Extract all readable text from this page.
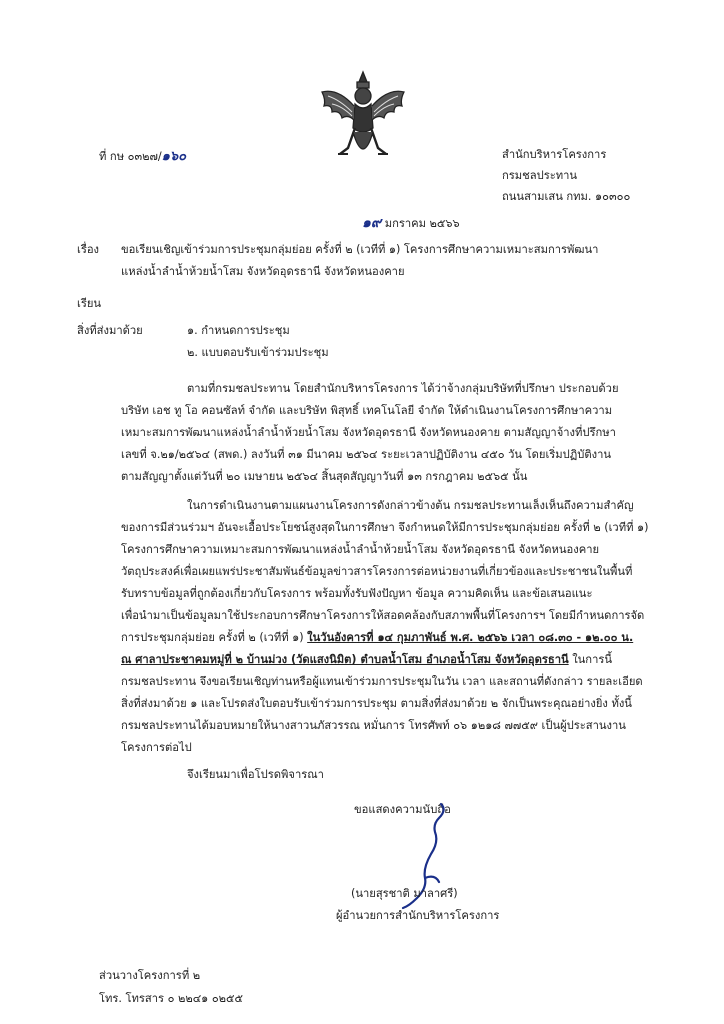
ที่ กษ ๐๓๒๗/๑๖๐	สำนักบริหารโครงการ
กรมชลประทาน
ถนนสามเสน กทม. ๑๐๓๐๐
๑๙ มกราคม ๒๕๖๖
เรื่อง ขอเรียนเชิญเข้าร่วมการประชุมกลุ่มย่อย ครั้งที่ ๒ (เวทีที่ ๑) โครงการศึกษาความเหมาะสมการพัฒนา
แหล่งน้ำลำน้ำห้วยน้ำโสม จังหวัดอุดรธานี จังหวัดหนองคาย
เรียน
สิ่งที่ส่งมาด้วย	๑. กำหนดการประชุม
๒. แบบตอบรับเข้าร่วมประชุม
ตามที่กรมชลประทาน โดยสำนักบริหารโครงการ ได้ว่าจ้างกลุ่มบริษัทที่ปรึกษา ประกอบด้วย
บริษัท เอช ทู โอ คอนซัลท์ จำกัด และบริษัท พิสุทธิ์ เทคโนโลยี จำกัด ให้ดำเนินงานโครงการศึกษาความ
เหมาะสมการพัฒนาแหล่งน้ำลำน้ำห้วยน้ำโสม จังหวัดอุดรธานี จังหวัดหนองคาย ตามสัญญาจ้างที่ปรึกษา
เลขที่ จ.๒๑/๒๕๖๔ (สพด.) ลงวันที่ ๓๑ มีนาคม ๒๕๖๔ ระยะเวลาปฏิบัติงาน ๔๕๐ วัน โดยเริ่มปฏิบัติงาน
ตามสัญญาตั้งแต่วันที่ ๒๐ เมษายน ๒๕๖๔ สิ้นสุดสัญญาวันที่ ๑๓ กรกฎาคม ๒๕๖๕ นั้น
ในการดำเนินงานตามแผนงานโครงการดังกล่าวข้างต้น กรมชลประทานเล็งเห็นถึงความสำคัญ
ของการมีส่วนร่วมฯ อันจะเอื้อประโยชน์สูงสุดในการศึกษา จึงกำหนดให้มีการประชุมกลุ่มย่อย ครั้งที่ ๒ (เวทีที่ ๑)
โครงการศึกษาความเหมาะสมการพัฒนาแหล่งน้ำลำน้ำห้วยน้ำโสม จังหวัดอุดรธานี จังหวัดหนองคาย
วัตถุประสงค์เพื่อเผยแพร่ประชาสัมพันธ์ข้อมูลข่าวสารโครงการต่อหน่วยงานที่เกี่ยวข้องและประชาชนในพื้นที่
รับทราบข้อมูลที่ถูกต้องเกี่ยวกับโครงการ พร้อมทั้งรับฟังปัญหา ข้อมูล ความคิดเห็น และข้อเสนอแนะ
เพื่อนำมาเป็นข้อมูลมาใช้ประกอบการศึกษาโครงการให้สอดคล้องกับสภาพพื้นที่โครงการฯ โดยมีกำหนดการจัด
การประชุมกลุ่มย่อย ครั้งที่ ๒ (เวทีที่ ๑) ในวันอังคารที่ ๑๔ กุมภาพันธ์ พ.ศ. ๒๕๖๖ เวลา ๐๘.๓๐ - ๑๒.๐๐ น.
ณ ศาลาประชาคมหมู่ที่ ๒ บ้านม่วง (วัดแสงนิมิต) ตำบลน้ำโสม อำเภอน้ำโสม จังหวัดอุดรธานี ในการนี้
กรมชลประทาน จึงขอเรียนเชิญท่านหรือผู้แทนเข้าร่วมการประชุมในวัน เวลา และสถานที่ดังกล่าว รายละเอียด
สิ่งที่ส่งมาด้วย ๑ และโปรดส่งใบตอบรับเข้าร่วมการประชุม ตามสิ่งที่ส่งมาด้วย ๒ จักเป็นพระคุณอย่างยิ่ง ทั้งนี้
กรมชลประทานได้มอบหมายให้นางสาวนภัสวรรณ หมั่นการ โทรศัพท์ ๐๖ ๑๒๑๘ ๗๗๕๙ เป็นผู้ประสานงาน
โครงการต่อไป
จึงเรียนมาเพื่อโปรดพิจารณา
ขอแสดงความนับถือ
(นายสุรชาติ มาลาศรี)
ผู้อำนวยการสำนักบริหารโครงการ
ส่วนวางโครงการที่ ๒
โทร. โทรสาร ๐ ๒๒๔๑ ๐๒๕๕
